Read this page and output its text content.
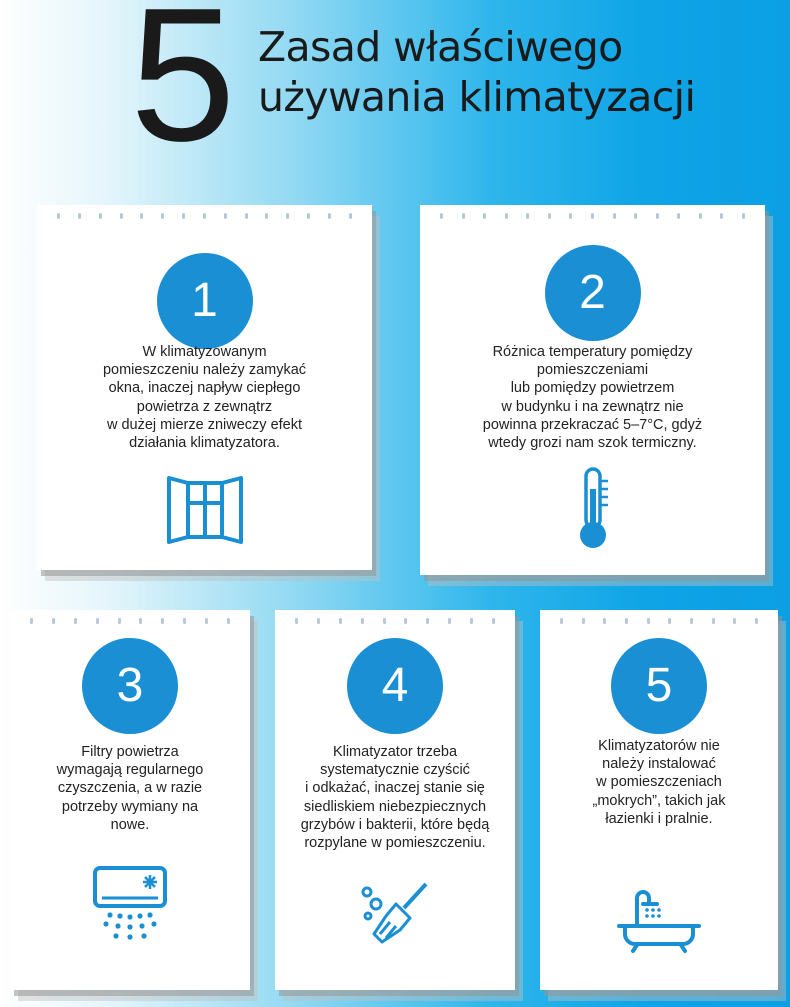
5 Zasad właściwego
używania klimatyzacji
1
W klimatyzowanym
pomieszczeniu należy zamykać
okna, inaczej napływ ciepłego
powietrza z zewnątrz
w dużej mierze zniweczy efekt
działania klimatyzatora.
2
Różnica temperatury pomiędzy
pomieszczeniami
lub pomiędzy powietrzem
w budynku i na zewnątrz nie
powinna przekraczać 5–7°C, gdyż
wtedy grozi nam szok termiczny.
3
Filtry powietrza
wymagają regularnego
czyszczenia, a w razie
potrzeby wymiany na
nowe.
4
Klimatyzator trzeba
systematycznie czyścić
i odkażać, inaczej stanie się
siedliskiem niebezpiecznych
grzybów i bakterii, które będą
rozpylane w pomieszczeniu.
5
Klimatyzatorów nie
należy instalować
w pomieszczeniach
„mokrych”, takich jak
łazienki i pralnie.
